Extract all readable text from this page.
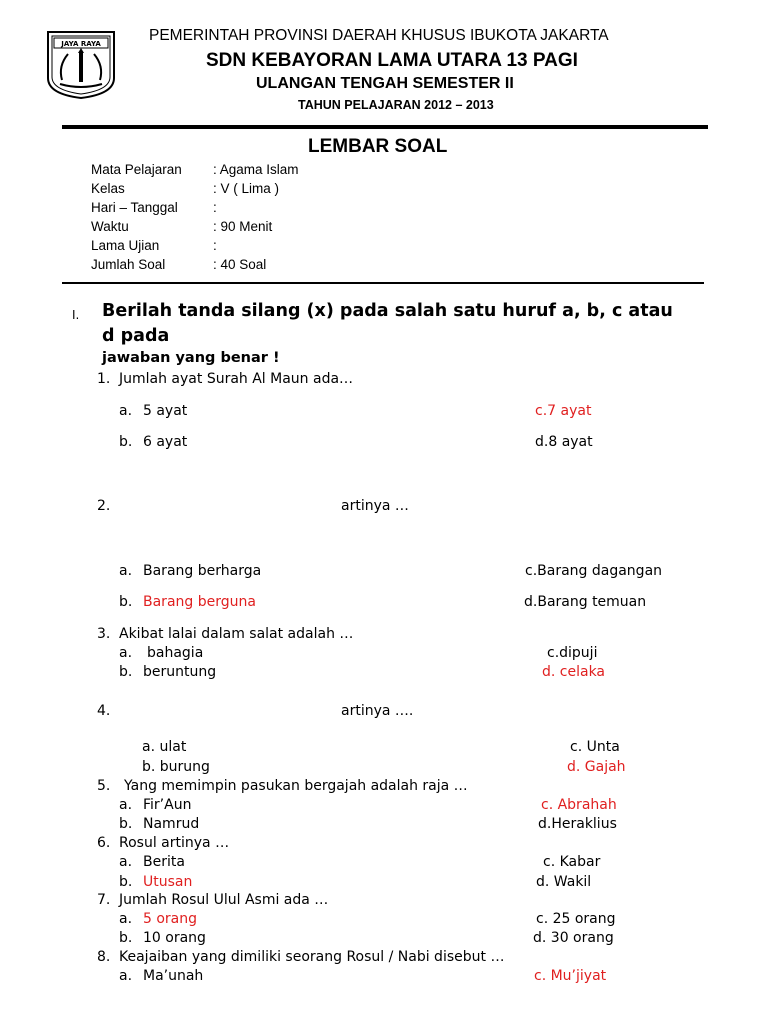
JAYA RAYA	PEMERINTAH PROVINSI DAERAH KHUSUS IBUKOTA JAKARTA
SDN KEBAYORAN LAMA UTARA 13 PAGI
ULANGAN TENGAH SEMESTER II
TAHUN PELAJARAN 2012 – 2013
LEMBAR SOAL
Mata Pelajaran : Agama Islam
Kelas	: V ( Lima )
Hari – Tanggal	:
Waktu	: 90 Menit
Lama Ujian	:
Jumlah Soal	: 40 Soal
I. Berilah tanda silang (x) pada salah satu huruf a, b, c atau
d pada
jawaban yang benar !
1. Jumlah ayat Surah Al Maun ada…
a. 5 ayat	c.7 ayat
b. 6 ayat	d.8 ayat
2.	artinya …
a. Barang berharga	c.Barang dagangan
b. Barang berguna	d.Barang temuan
3. Akibat lalai dalam salat adalah …
a. bahagia	c.dipuji
b. beruntung	d. celaka
4.	artinya ….
a. ulat	c. Unta
b. burung	d. Gajah
5. Yang memimpin pasukan bergajah adalah raja …
a. Fir’Aun	c. Abrahah
b. Namrud	d.Heraklius
6. Rosul artinya …
a. Berita	c. Kabar
b. Utusan	d. Wakil
7. Jumlah Rosul Ulul Asmi ada …
a. 5 orang	c. 25 orang
b. 10 orang	d. 30 orang
8. Keajaiban yang dimiliki seorang Rosul / Nabi disebut …
a. Ma’unah	c. Mu’jiyat
